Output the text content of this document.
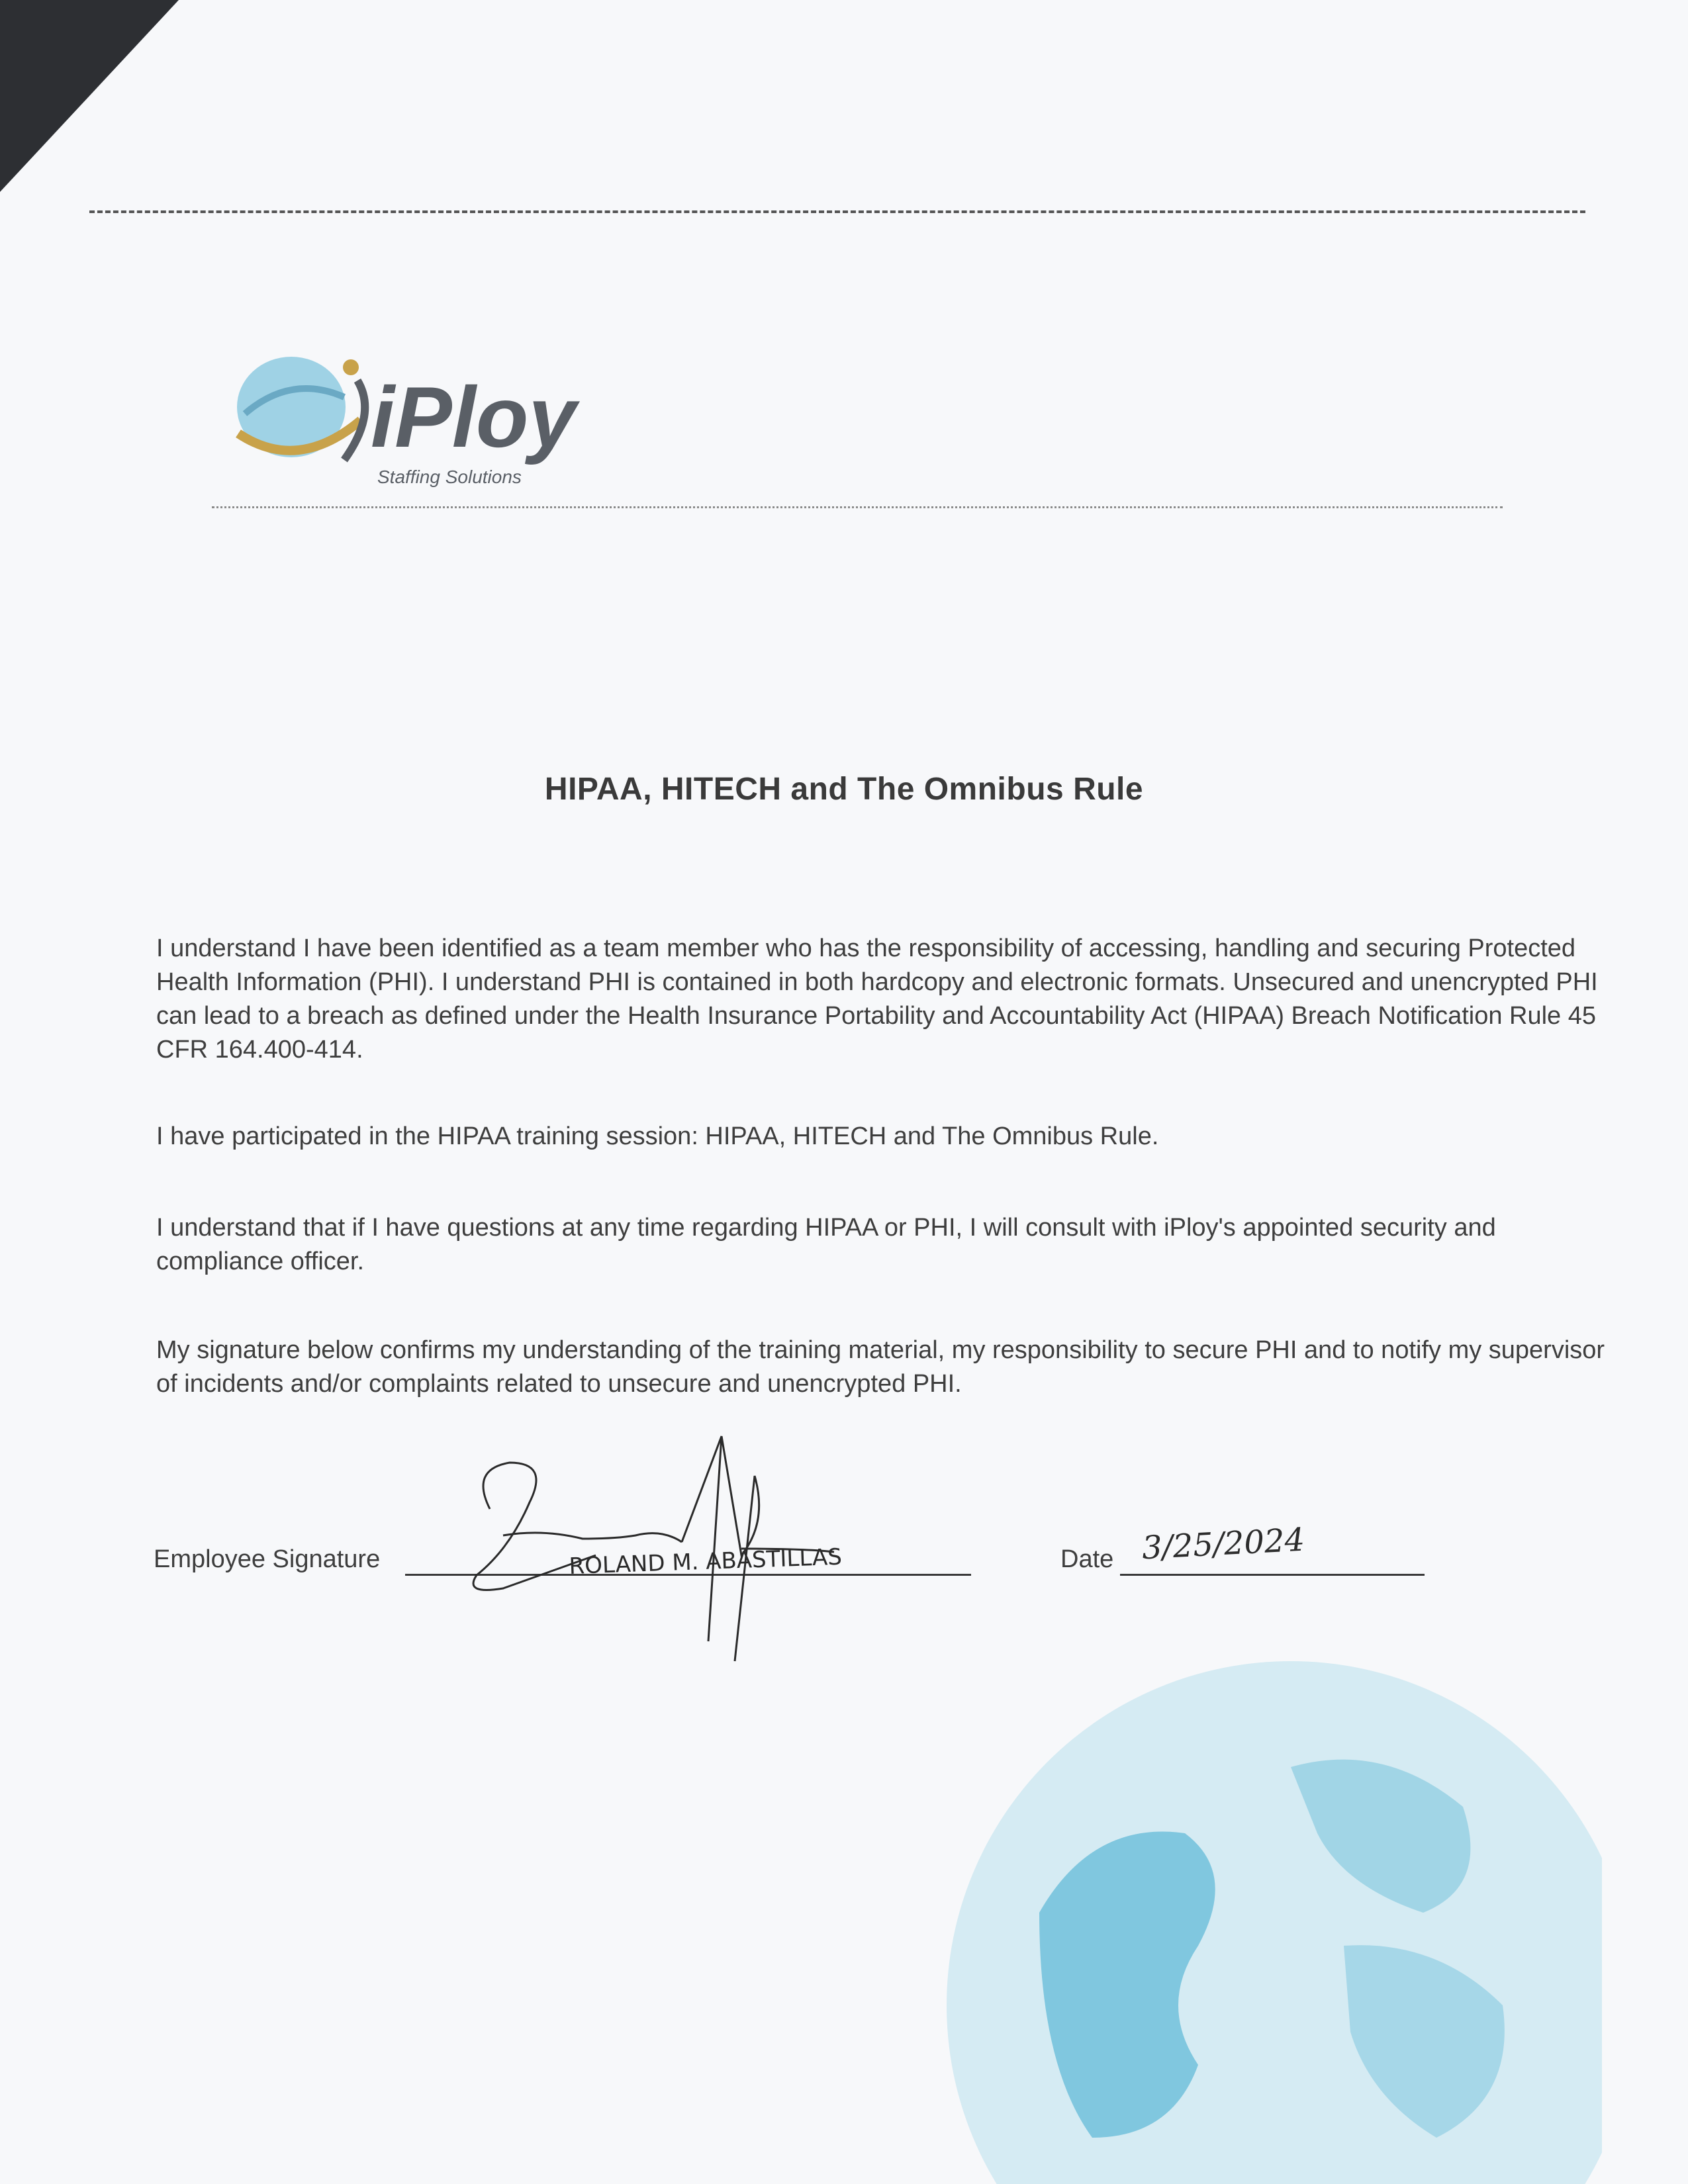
iPloy
Staffing Solutions
HIPAA, HITECH and The Omnibus Rule
I understand I have been identified as a team member who has the responsibility of accessing, handling and securing Protected Health Information (PHI). I understand PHI is contained in both hardcopy and electronic formats. Unsecured and unencrypted PHI can lead to a breach as defined under the Health Insurance Portability and Accountability Act (HIPAA) Breach Notification Rule 45 CFR 164.400-414.
I have participated in the HIPAA training session: HIPAA, HITECH and The Omnibus Rule.
I understand that if I have questions at any time regarding HIPAA or PHI, I will consult with iPloy's appointed security and compliance officer.
My signature below confirms my understanding of the training material, my responsibility to secure PHI and to notify my supervisor of incidents and/or complaints related to unsecure and unencrypted PHI.
Employee Signature	ROLAND M. ABASTILLAS	Date 3/25/2024
